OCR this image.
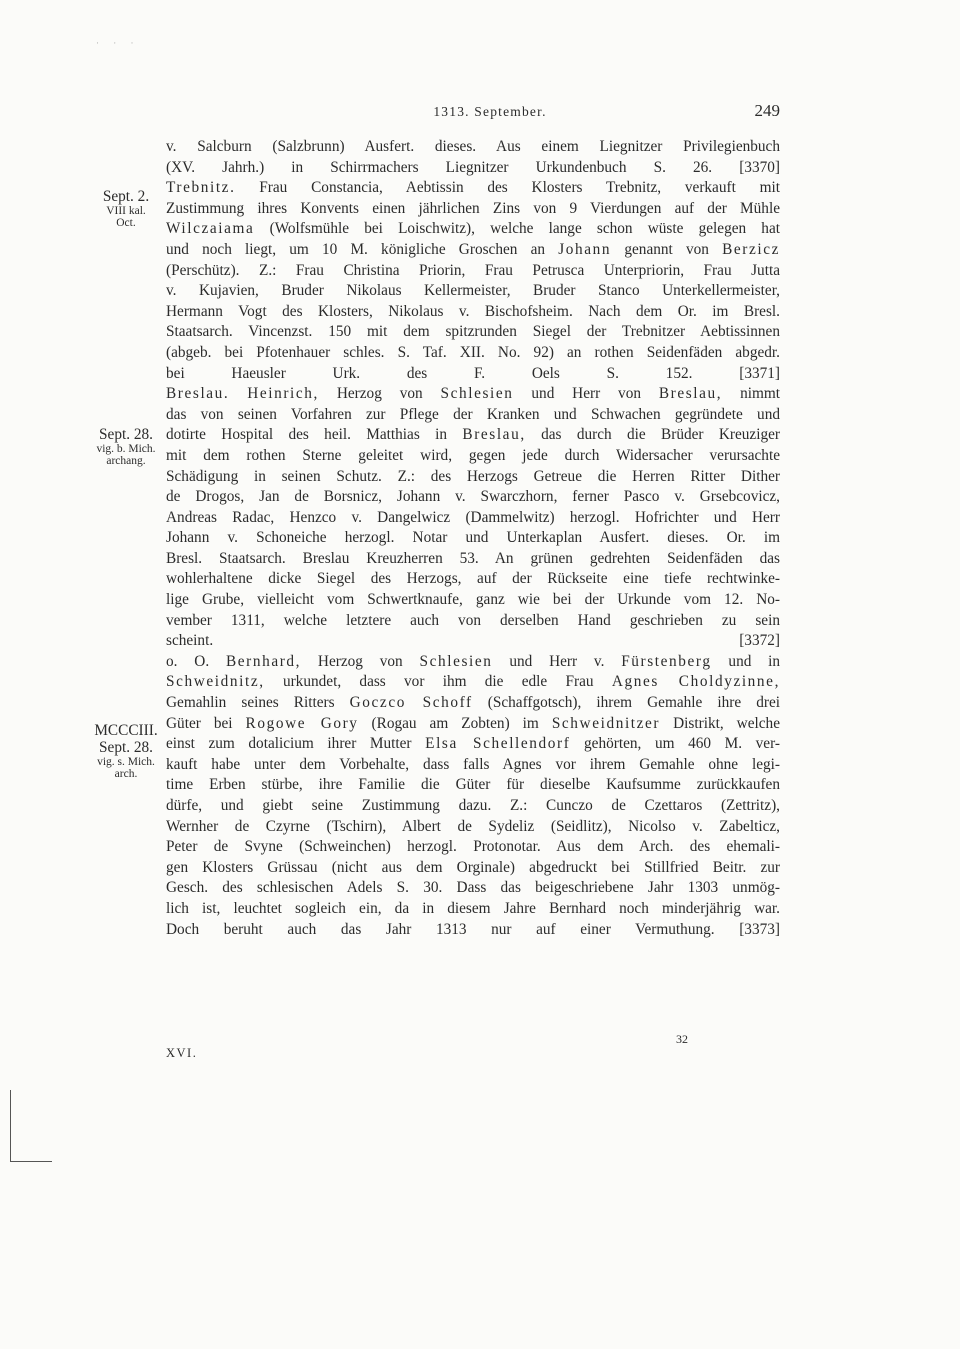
· · ·
1313. September.	249
Sept. 2.
VIII kal.
Oct.
Sept. 28.
vig. b. Mich.
archang.
MCCCIII.
Sept. 28.
vig. s. Mich.
arch.
v. Salcburn (Salzbrunn) Ausfert. dieses. Aus einem Liegnitzer Privilegienbuch
(XV. Jahrh.) in Schirrmachers Liegnitzer Urkundenbuch S. 26. [3370]
Trebnitz. Frau Constancia, Aebtissin des Klosters Trebnitz, verkauft mit
Zustimmung ihres Konvents einen jährlichen Zins von 9 Vierdungen auf der Mühle
Wilczaiama (Wolfsmühle bei Loischwitz), welche lange schon wüste gelegen hat
und noch liegt, um 10 M. königliche Groschen an Johann genannt von Berzicz
(Perschütz). Z.: Frau Christina Priorin, Frau Petrusca Unterpriorin, Frau Jutta
v. Kujavien, Bruder Nikolaus Kellermeister, Bruder Stanco Unterkellermeister,
Hermann Vogt des Klosters, Nikolaus v. Bischofsheim. Nach dem Or. im Bresl.
Staatsarch. Vincenzst. 150 mit dem spitzrunden Siegel der Trebnitzer Aebtissinnen
(abgeb. bei Pfotenhauer schles. S. Taf. XII. No. 92) an rothen Seidenfäden abgedr.
bei Haeusler Urk. des F. Oels S. 152.	[3371]
Breslau. Heinrich, Herzog von Schlesien und Herr von Breslau, nimmt
das von seinen Vorfahren zur Pflege der Kranken und Schwachen gegründete und
dotirte Hospital des heil. Matthias in Breslau, das durch die Brüder Kreuziger
mit dem rothen Sterne geleitet wird, gegen jede durch Widersacher verursachte
Schädigung in seinen Schutz. Z.: des Herzogs Getreue die Herren Ritter Dither
de Drogos, Jan de Borsnicz, Johann v. Swarczhorn, ferner Pasco v. Grsebcovicz,
Andreas Radac, Henzco v. Dangelwicz (Dammelwitz) herzogl. Hofrichter und Herr
Johann v. Schoneiche herzogl. Notar und Unterkaplan Ausfert. dieses. Or. im
Bresl. Staatsarch. Breslau Kreuzherren 53. An grünen gedrehten Seidenfäden das
wohlerhaltene dicke Siegel des Herzogs, auf der Rückseite eine tiefe rechtwinke-
lige Grube, vielleicht vom Schwertknaufe, ganz wie bei der Urkunde vom 12. No-
vember 1311, welche letztere auch von derselben Hand geschrieben zu sein
scheint.	[3372]
o. O. Bernhard, Herzog von Schlesien und Herr v. Fürstenberg und in
Schweidnitz, urkundet, dass vor ihm die edle Frau Agnes Choldyzinne,
Gemahlin seines Ritters Goczco Schoff (Schaffgotsch), ihrem Gemahle ihre drei
Güter bei Rogowe Gory (Rogau am Zobten) im Schweidnitzer Distrikt, welche
einst zum dotalicium ihrer Mutter Elsa Schellendorf gehörten, um 460 M. ver-
kauft habe unter dem Vorbehalte, dass falls Agnes vor ihrem Gemahle ohne legi-
time Erben stürbe, ihre Familie die Güter für dieselbe Kaufsumme zurückkaufen
dürfe, und giebt seine Zustimmung dazu. Z.: Cunczo de Czettaros (Zettritz),
Wernher de Czyrne (Tschirn), Albert de Sydeliz (Seidlitz), Nicolso v. Zabelticz,
Peter de Svyne (Schweinchen) herzogl. Protonotar. Aus dem Arch. des ehemali-
gen Klosters Grüssau (nicht aus dem Orginale) abgedruckt bei Stillfried Beitr. zur
Gesch. des schlesischen Adels S. 30. Dass das beigeschriebene Jahr 1303 unmög-
lich ist, leuchtet sogleich ein, da in diesem Jahre Bernhard noch minderjährig war.
Doch beruht auch das Jahr 1313 nur auf einer Vermuthung. [3373]
XVI.
32
